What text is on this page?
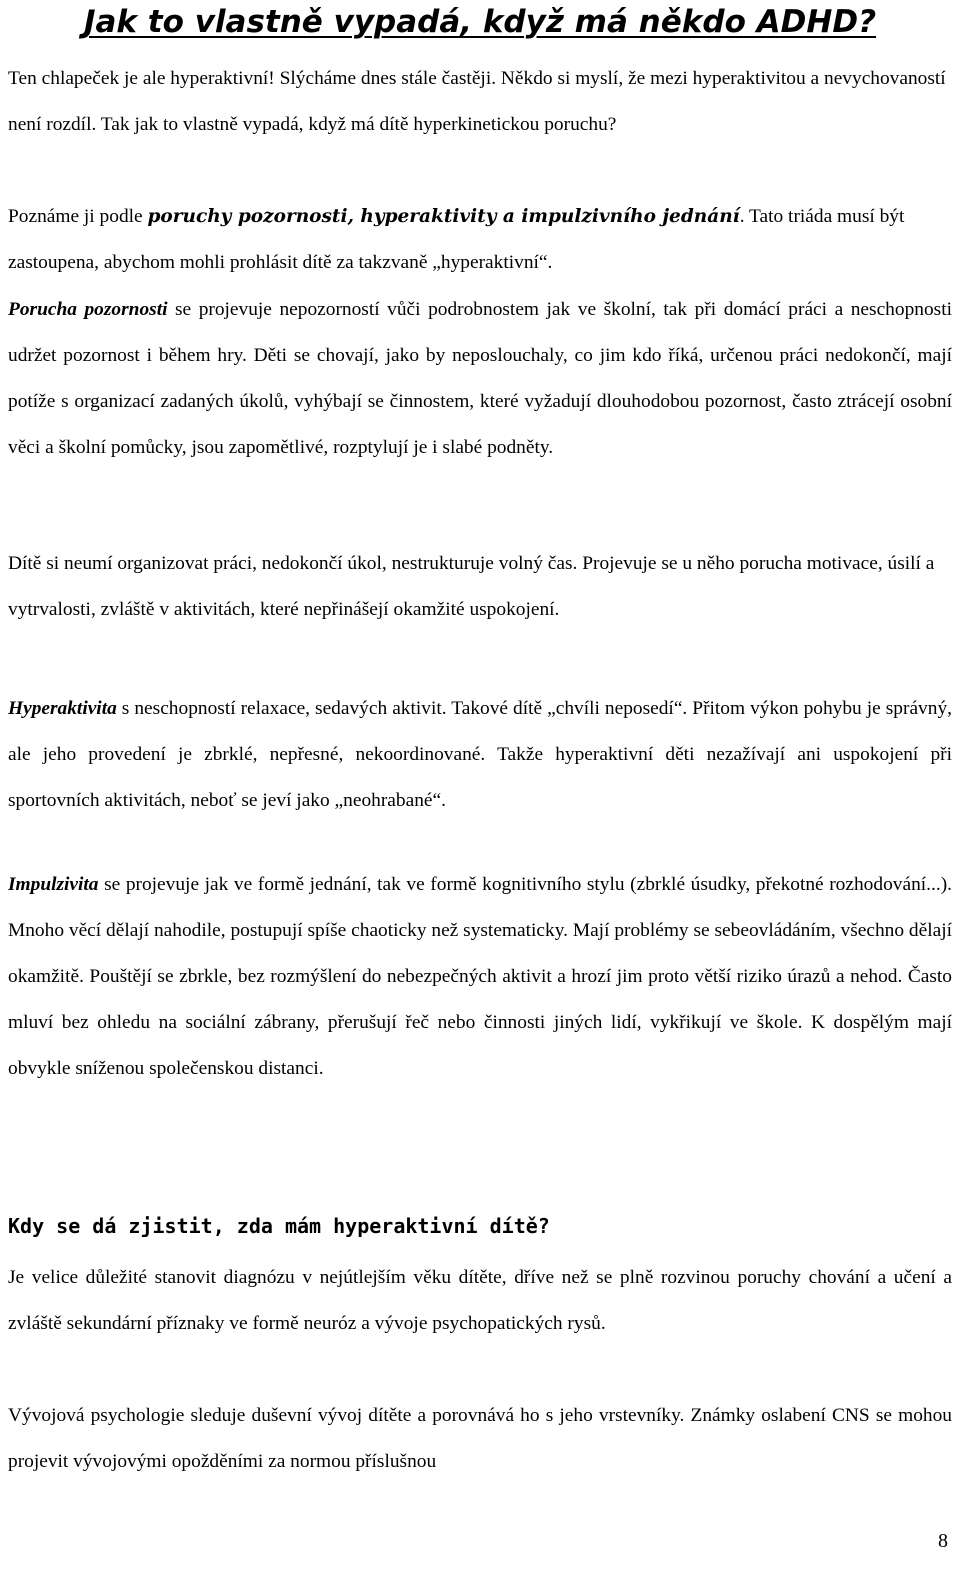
Jak to vlastně vypadá, když má někdo ADHD?

Ten chlapeček je ale hyperaktivní! Slýcháme dnes stále častěji. Někdo si myslí, že mezi hyperaktivitou a nevychovaností není rozdíl. Tak jak to vlastně vypadá, když má dítě hyperkinetickou poruchu?

Poznáme ji podle poruchy pozornosti, hyperaktivity a impulzivního jednání. Tato triáda musí být zastoupena, abychom mohli prohlásit dítě za takzvaně „hyperaktivní“.

Porucha pozornosti se projevuje nepozorností vůči podrobnostem jak ve školní, tak při domácí práci a neschopnosti udržet pozornost i během hry. Děti se chovají, jako by neposlouchaly, co jim kdo říká, určenou práci nedokončí, mají potíže s organizací zadaných úkolů, vyhýbají se činnostem, které vyžadují dlouhodobou pozornost, často ztrácejí osobní věci a školní pomůcky, jsou zapomětlivé, rozptylují je i slabé podněty.

Dítě si neumí organizovat práci, nedokončí úkol, nestrukturuje volný čas. Projevuje se u něho porucha motivace, úsilí a vytrvalosti, zvláště v aktivitách, které nepřinášejí okamžité uspokojení.

Hyperaktivita s neschopností relaxace, sedavých aktivit. Takové dítě „chvíli neposedí“. Přitom výkon pohybu je správný, ale jeho provedení je zbrklé, nepřesné, nekoordinované. Takže hyperaktivní děti nezažívají ani uspokojení při sportovních aktivitách, neboť se jeví jako „neohrabané“.

Impulzivita se projevuje jak ve formě jednání, tak ve formě kognitivního stylu (zbrklé úsudky, překotné rozhodování...). Mnoho věcí dělají nahodile, postupují spíše chaoticky než systematicky. Mají problémy se sebeovládáním, všechno dělají okamžitě. Pouštějí se zbrkle, bez rozmýšlení do nebezpečných aktivit a hrozí jim proto větší riziko úrazů a nehod. Často mluví bez ohledu na sociální zábrany, přerušují řeč nebo činnosti jiných lidí, vykřikují ve škole. K dospělým mají obvykle sníženou společenskou distanci.

Kdy se dá zjistit, zda mám hyperaktivní dítě?

Je velice důležité stanovit diagnózu v nejútlejším věku dítěte, dříve než se plně rozvinou poruchy chování a učení a zvláště sekundární příznaky ve formě neuróz a vývoje psychopatických rysů.

Vývojová psychologie sleduje duševní vývoj dítěte a porovnává ho s jeho vrstevníky. Známky oslabení CNS se mohou projevit vývojovými opožděními za normou příslušnou

8
